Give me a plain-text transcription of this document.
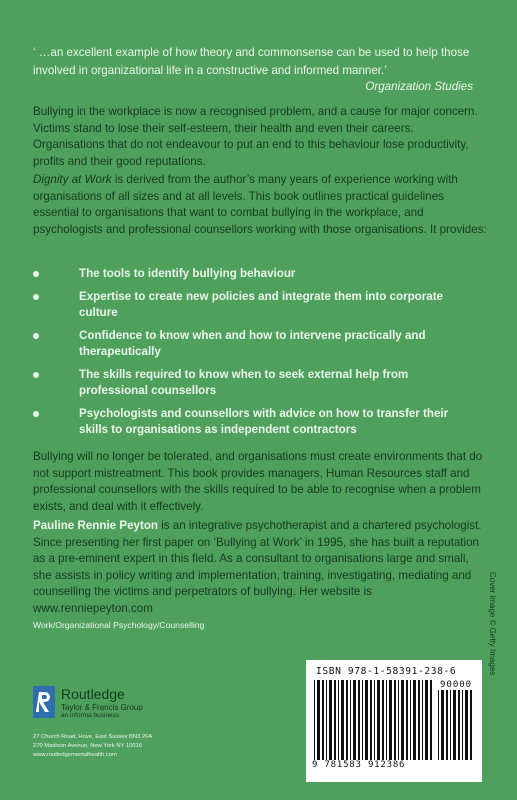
‘ …an excellent example of how theory and commonsense can be used to help those involved in organizational life in a constructive and informed manner.’
Organization Studies
Bullying in the workplace is now a recognised problem, and a cause for major concern. Victims stand to lose their self-esteem, their health and even their careers. Organisations that do not endeavour to put an end to this behaviour lose productivity, profits and their good reputations.
Dignity at Work is derived from the author’s many years of experience working with organisations of all sizes and at all levels. This book outlines practical guidelines essential to organisations that want to combat bullying in the workplace, and psychologists and professional counsellors working with those organisations. It provides:
The tools to identify bullying behaviour
Expertise to create new policies and integrate them into corporate culture
Confidence to know when and how to intervene practically and therapeutically
The skills required to know when to seek external help from professional counsellors
Psychologists and counsellors with advice on how to transfer their skills to organisations as independent contractors
Bullying will no longer be tolerated, and organisations must create environments that do not support mistreatment. This book provides managers, Human Resources staff and professional counsellors with the skills required to be able to recognise when a problem exists, and deal with it effectively.
Pauline Rennie Peyton is an integrative psychotherapist and a chartered psychologist. Since presenting her first paper on ‘Bullying at Work’ in 1995, she has built a reputation as a pre-eminent expert in this field. As a consultant to organisations large and small, she assists in policy writing and implementation, training, investigating, mediating and counselling the victims and perpetrators of bullying. Her website is www.renniepeyton.com
Work/Organizational Psychology/Counselling	Cover image © Getty Images
Routledge
Taylor & Francis Group
an informa business
27 Church Road, Hove, East Sussex BN3 2FA
270 Madison Avenue, New York NY 10016
www.routledgementalhealth.com
ISBN 978-1-58391-238-6
90000
9 781583 912386
